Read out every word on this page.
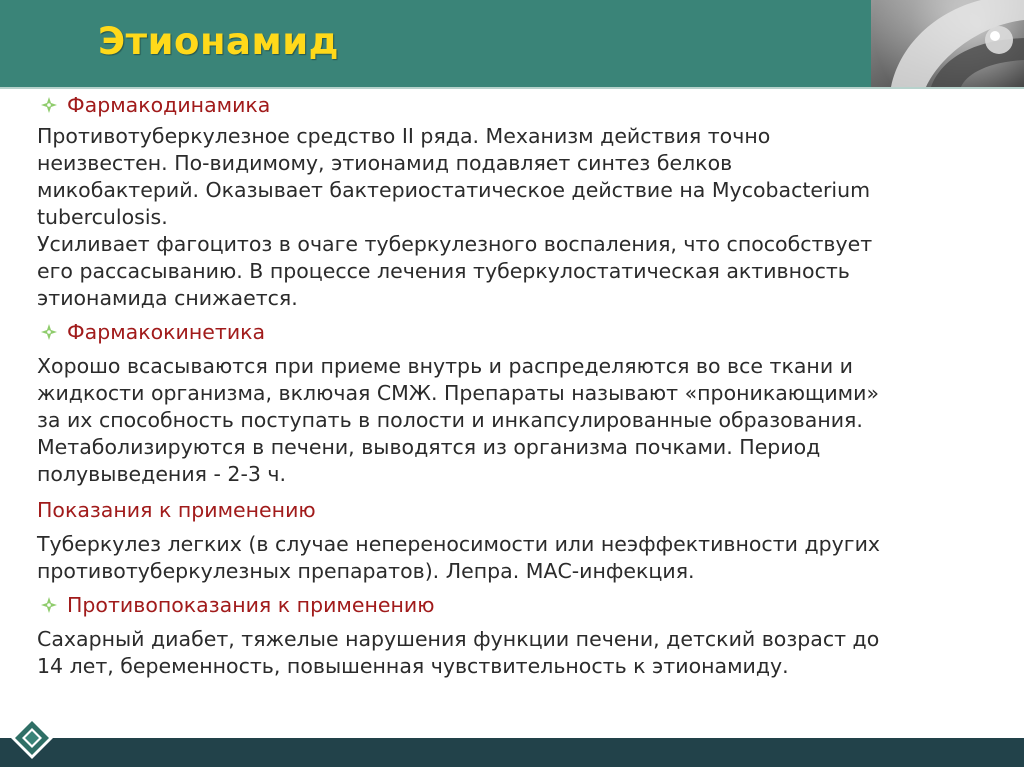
Этионамид
Фармакодинамика
Противотуберкулезное средство II ряда. Механизм действия точно
неизвестен. По-видимому, этионамид подавляет синтез белков
микобактерий. Оказывает бактериостатическое действие на Mycobacterium
tuberculosis.
Усиливает фагоцитоз в очаге туберкулезного воспаления, что способствует
его рассасыванию. В процессе лечения туберкулостатическая активность
этионамида снижается.
Фармакокинетика
Хорошо всасываются при приеме внутрь и распределяются во все ткани и
жидкости организма, включая СМЖ. Препараты называют «проникающими»
за их способность поступать в полости и инкапсулированные образования.
Метаболизируются в печени, выводятся из организма почками. Период
полувыведения - 2-3 ч.
Показания к применению
Туберкулез легких (в случае непереносимости или неэффективности других
противотуберкулезных препаратов). Лепра. МАС-инфекция.
Противопоказания к применению
Сахарный диабет, тяжелые нарушения функции печени, детский возраст до
14 лет, беременность, повышенная чувствительность к этионамиду.
